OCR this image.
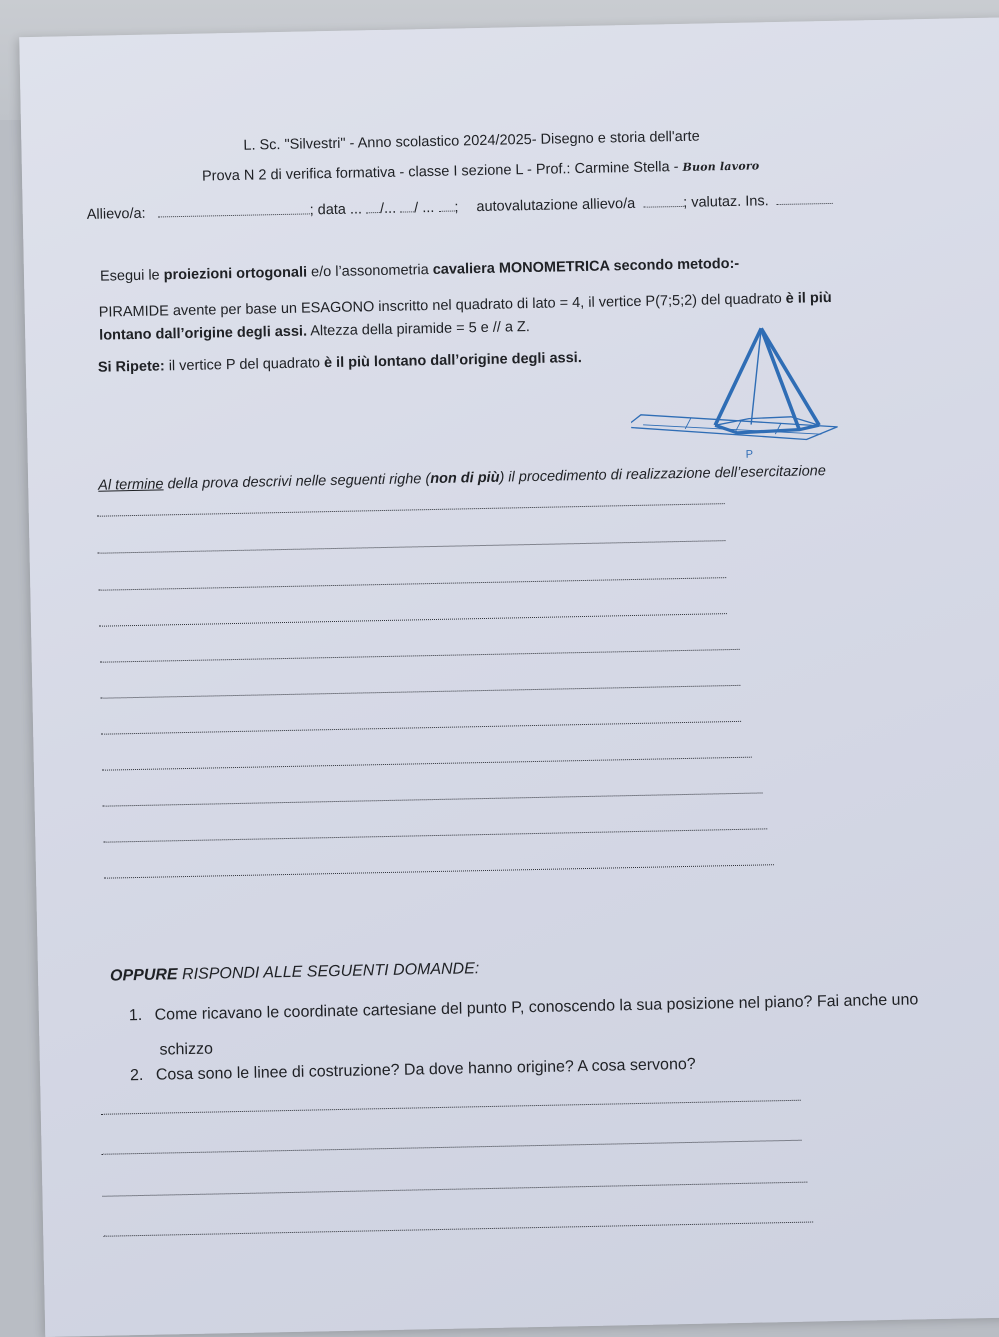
L. Sc. "Silvestri" - Anno scolastico 2024/2025- Disegno e storia dell'arte
Prova N 2 di verifica formativa - classe I sezione L - Prof.: Carmine Stella - Buon lavoro
Allievo/a:	; data ... /... / ... ; autovalutazione allievo/a	; valutaz. Ins.
Esegui le proiezioni ortogonali e/o l’assonometria cavaliera MONOMETRICA secondo metodo:-
PIRAMIDE avente per base un ESAGONO inscritto nel quadrato di lato = 4, il vertice P(7;5;2) del quadrato è il più
lontano dall’origine degli assi. Altezza della piramide = 5 e // a Z.
Si Ripete: il vertice P del quadrato è il più lontano dall’origine degli assi.
P
Al termine della prova descrivi nelle seguenti righe (non di più) il procedimento di realizzazione dell’esercitazione
OPPURE RISPONDI ALLE SEGUENTI DOMANDE:
1. Come ricavano le coordinate cartesiane del punto P, conoscendo la sua posizione nel piano? Fai anche uno
schizzo
2. Cosa sono le linee di costruzione? Da dove hanno origine? A cosa servono?
